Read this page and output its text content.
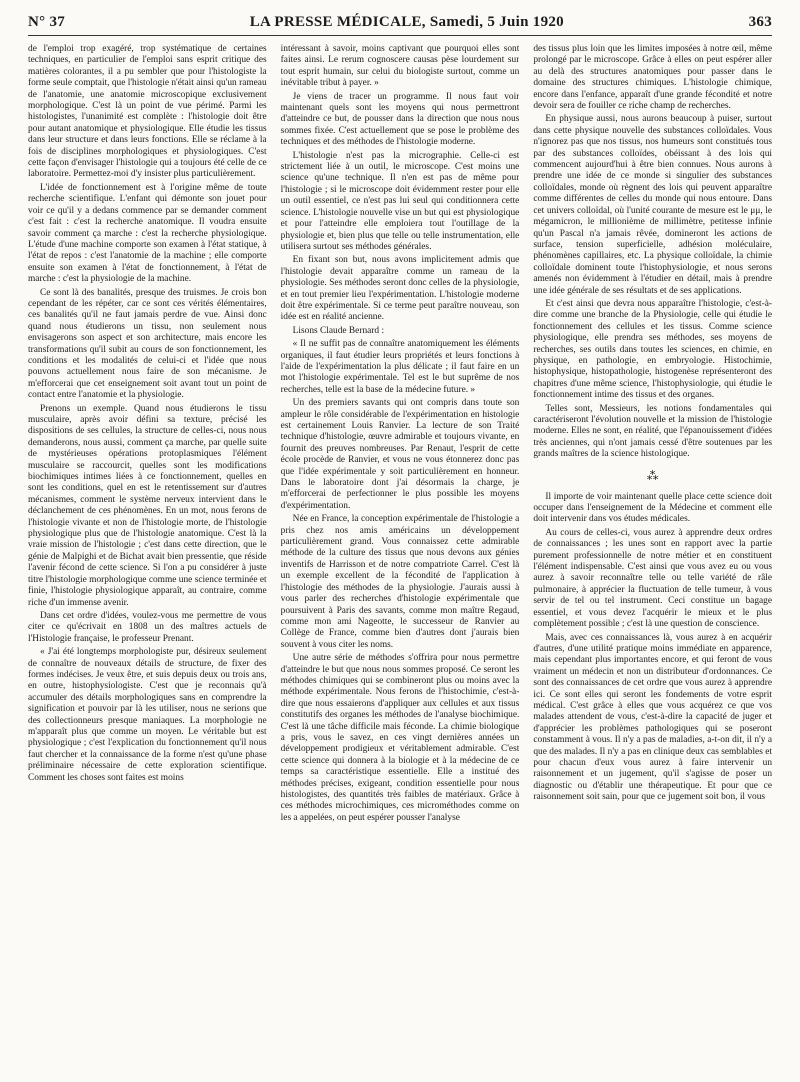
N° 37	LA PRESSE MÉDICALE, Samedi, 5 Juin 1920	363

de l'emploi trop exagéré, trop systématique de certaines techniques, en particulier de l'emploi sans esprit critique des matières colorantes, il a pu sembler que pour l'histologiste la forme seule comptait, que l'histologie n'était ainsi qu'un rameau de l'anatomie, une anatomie microscopique exclusivement morphologique. C'est là un point de vue périmé. Parmi les histologistes, l'unanimité est complète : l'histologie doit être pour autant anatomique et physiologique. Elle étudie les tissus dans leur structure et dans leurs fonctions. Elle se réclame à la fois de disciplines morphologiques et physiologiques. C'est cette façon d'envisager l'histologie qui a toujours été celle de ce laboratoire. Permettez-moi d'y insister plus particulièrement.

L'idée de fonctionnement est à l'origine même de toute recherche scientifique. L'enfant qui démonte son jouet pour voir ce qu'il y a dedans commence par se demander comment c'est fait : c'est la recherche anatomique. Il voudra ensuite savoir comment ça marche : c'est la recherche physiologique. L'étude d'une machine comporte son examen à l'état statique, à l'état de repos : c'est l'anatomie de la machine ; elle comporte ensuite son examen à l'état de fonctionnement, à l'état de marche : c'est la physiologie de la machine.

Ce sont là des banalités, presque des truismes. Je crois bon cependant de les répéter, car ce sont ces vérités élémentaires, ces banalités qu'il ne faut jamais perdre de vue. Ainsi donc quand nous étudierons un tissu, non seulement nous envisagerons son aspect et son architecture, mais encore les transformations qu'il subit au cours de son fonctionnement, les conditions et les modalités de celui-ci et l'idée que nous pouvons actuellement nous faire de son mécanisme. Je m'efforcerai que cet enseignement soit avant tout un point de contact entre l'anatomie et la physiologie.

Prenons un exemple. Quand nous étudierons le tissu musculaire, après avoir défini sa texture, précisé les dispositions de ses cellules, la structure de celles-ci, nous nous demanderons, nous aussi, comment ça marche, par quelle suite de mystérieuses opérations protoplasmiques l'élément musculaire se raccourcit, quelles sont les modifications biochimiques intimes liées à ce fonctionnement, quelles en sont les conditions, quel en est le retentissement sur d'autres mécanismes, comment le système nerveux intervient dans le déclanchement de ces phénomènes. En un mot, nous ferons de l'histologie vivante et non de l'histologie morte, de l'histologie physiologique plus que de l'histologie anatomique. C'est là la vraie mission de l'histologie ; c'est dans cette direction, que le génie de Malpighi et de Bichat avait bien pressentie, que réside l'avenir fécond de cette science. Si l'on a pu considérer à juste titre l'histologie morphologique comme une science terminée et finie, l'histologie physiologique apparaît, au contraire, comme riche d'un immense avenir.

Dans cet ordre d'idées, voulez-vous me permettre de vous citer ce qu'écrivait en 1808 un des maîtres actuels de l'Histologie française, le professeur Prenant.

« J'ai été longtemps morphologiste pur, désireux seulement de connaître de nouveaux détails de structure, de fixer des formes indécises. Je veux être, et suis depuis deux ou trois ans, en outre, histophysiologiste. C'est que je reconnais qu'à accumuler des détails morphologiques sans en comprendre la signification et pouvoir par là les utiliser, nous ne serions que des collectionneurs presque maniaques. La morphologie ne m'apparaît plus que comme un moyen. Le véritable but est physiologique ; c'est l'explication du fonctionnement qu'il nous faut chercher et la connaissance de la forme n'est qu'une phase préliminaire nécessaire de cette exploration scientifique. Comment les choses sont faites est moins

intéressant à savoir, moins captivant que pourquoi elles sont faites ainsi. Le rerum cognoscere causas pèse lourdement sur tout esprit humain, sur celui du biologiste surtout, comme un inévitable tribut à payer. »

Je viens de tracer un programme. Il nous faut voir maintenant quels sont les moyens qui nous permettront d'atteindre ce but, de pousser dans la direction que nous nous sommes fixée. C'est actuellement que se pose le problème des techniques et des méthodes de l'histologie moderne.

L'histologie n'est pas la micrographie. Celle-ci est strictement liée à un outil, le microscope. C'est moins une science qu'une technique. Il n'en est pas de même pour l'histologie ; si le microscope doit évidemment rester pour elle un outil essentiel, ce n'est pas lui seul qui conditionnera cette science. L'histologie nouvelle vise un but qui est physiologique et pour l'atteindre elle emploiera tout l'outillage de la physiologie et, bien plus que telle ou telle instrumentation, elle utilisera surtout ses méthodes générales.

En fixant son but, nous avons implicitement admis que l'histologie devait apparaître comme un rameau de la physiologie. Ses méthodes seront donc celles de la physiologie, et en tout premier lieu l'expérimentation. L'histologie moderne doit être expérimentale. Si ce terme peut paraître nouveau, son idée est en réalité ancienne.

Lisons Claude Bernard :

« Il ne suffit pas de connaître anatomiquement les éléments organiques, il faut étudier leurs propriétés et leurs fonctions à l'aide de l'expérimentation la plus délicate ; il faut faire en un mot l'histologie expérimentale. Tel est le but suprême de nos recherches, telle est la base de la médecine future. »

Un des premiers savants qui ont compris dans toute son ampleur le rôle considérable de l'expérimentation en histologie est certainement Louis Ranvier. La lecture de son Traité technique d'histologie, œuvre admirable et toujours vivante, en fournit des preuves nombreuses. Par Renaut, l'esprit de cette école procède de Ranvier, et vous ne vous étonnerez donc pas que l'idée expérimentale y soit particulièrement en honneur. Dans le laboratoire dont j'ai désormais la charge, je m'efforcerai de perfectionner le plus possible les moyens d'expérimentation.

Née en France, la conception expérimentale de l'histologie a pris chez nos amis américains un développement particulièrement grand. Vous connaissez cette admirable méthode de la culture des tissus que nous devons aux génies inventifs de Harrisson et de notre compatriote Carrel. C'est là un exemple excellent de la fécondité de l'application à l'histologie des méthodes de la physiologie. J'aurais aussi à vous parler des recherches d'histologie expérimentale que poursuivent à Paris des savants, comme mon maître Regaud, comme mon ami Nageotte, le successeur de Ranvier au Collège de France, comme bien d'autres dont j'aurais bien souvent à vous citer les noms.

Une autre série de méthodes s'offrira pour nous permettre d'atteindre le but que nous nous sommes proposé. Ce seront les méthodes chimiques qui se combineront plus ou moins avec la méthode expérimentale. Nous ferons de l'histochimie, c'est-à-dire que nous essaierons d'appliquer aux cellules et aux tissus constitutifs des organes les méthodes de l'analyse biochimique. C'est là une tâche difficile mais féconde. La chimie biologique a pris, vous le savez, en ces vingt dernières années un développement prodigieux et véritablement admirable. C'est cette science qui donnera à la biologie et à la médecine de ce temps sa caractéristique essentielle. Elle a institué des méthodes précises, exigeant, condition essentielle pour nous histologistes, des quantités très faibles de matériaux. Grâce à ces méthodes microchimiques, ces microméthodes comme on les a appelées, on peut espérer pousser l'analyse

des tissus plus loin que les limites imposées à notre œil, même prolongé par le microscope. Grâce à elles on peut espérer aller au delà des structures anatomiques pour passer dans le domaine des structures chimiques. L'histologie chimique, encore dans l'enfance, apparaît d'une grande fécondité et notre devoir sera de fouiller ce riche champ de recherches.

En physique aussi, nous aurons beaucoup à puiser, surtout dans cette physique nouvelle des substances colloïdales. Vous n'ignorez pas que nos tissus, nos humeurs sont constitués tous par des substances colloïdes, obéissant à des lois qui commencent aujourd'hui à être bien connues. Nous aurons à prendre une idée de ce monde si singulier des substances colloïdales, monde où règnent des lois qui peuvent apparaître comme différentes de celles du monde qui nous entoure. Dans cet univers colloïdal, où l'unité courante de mesure est le μμ, le mégamicron, le millionième de millimètre, petitesse infinie qu'un Pascal n'a jamais rêvée, domineront les actions de surface, tension superficielle, adhésion moléculaire, phénomènes capillaires, etc. La physique colloïdale, la chimie colloïdale dominent toute l'histophysiologie, et nous serons amenés non évidemment à l'étudier en détail, mais à prendre une idée générale de ses résultats et de ses applications.

Et c'est ainsi que devra nous apparaître l'histologie, c'est-à-dire comme une branche de la Physiologie, celle qui étudie le fonctionnement des cellules et les tissus. Comme science physiologique, elle prendra ses méthodes, ses moyens de recherches, ses outils dans toutes les sciences, en chimie, en physique, en pathologie, en embryologie. Histochimie, histophysique, histopathologie, histogenèse représenteront des chapitres d'une même science, l'histophysiologie, qui étudie le fonctionnement intime des tissus et des organes.

Telles sont, Messieurs, les notions fondamentales qui caractériseront l'évolution nouvelle et la mission de l'histologie moderne. Elles ne sont, en réalité, que l'épanouissement d'idées très anciennes, qui n'ont jamais cessé d'être soutenues par les grands maîtres de la science histologique.

⁂

Il importe de voir maintenant quelle place cette science doit occuper dans l'enseignement de la Médecine et comment elle doit intervenir dans vos études médicales.

Au cours de celles-ci, vous aurez à apprendre deux ordres de connaissances ; les unes sont en rapport avec la partie purement professionnelle de notre métier et en constituent l'élément indispensable. C'est ainsi que vous avez eu ou vous aurez à savoir reconnaître telle ou telle variété de râle pulmonaire, à apprécier la fluctuation de telle tumeur, à vous servir de tel ou tel instrument. Ceci constitue un bagage essentiel, et vous devez l'acquérir le mieux et le plus complètement possible ; c'est là une question de conscience.

Mais, avec ces connaissances là, vous aurez à en acquérir d'autres, d'une utilité pratique moins immédiate en apparence, mais cependant plus importantes encore, et qui feront de vous vraiment un médecin et non un distributeur d'ordonnances. Ce sont des connaissances de cet ordre que vous aurez à apprendre ici. Ce sont elles qui seront les fondements de votre esprit médical. C'est grâce à elles que vous acquérez ce que vos malades attendent de vous, c'est-à-dire la capacité de juger et d'apprécier les problèmes pathologiques qui se poseront constamment à vous. Il n'y a pas de maladies, a-t-on dit, il n'y a que des malades. Il n'y a pas en clinique deux cas semblables et pour chacun d'eux vous aurez à faire intervenir un raisonnement et un jugement, qu'il s'agisse de poser un diagnostic ou d'établir une thérapeutique. Et pour que ce raisonnement soit sain, pour que ce jugement soit bon, il vous
